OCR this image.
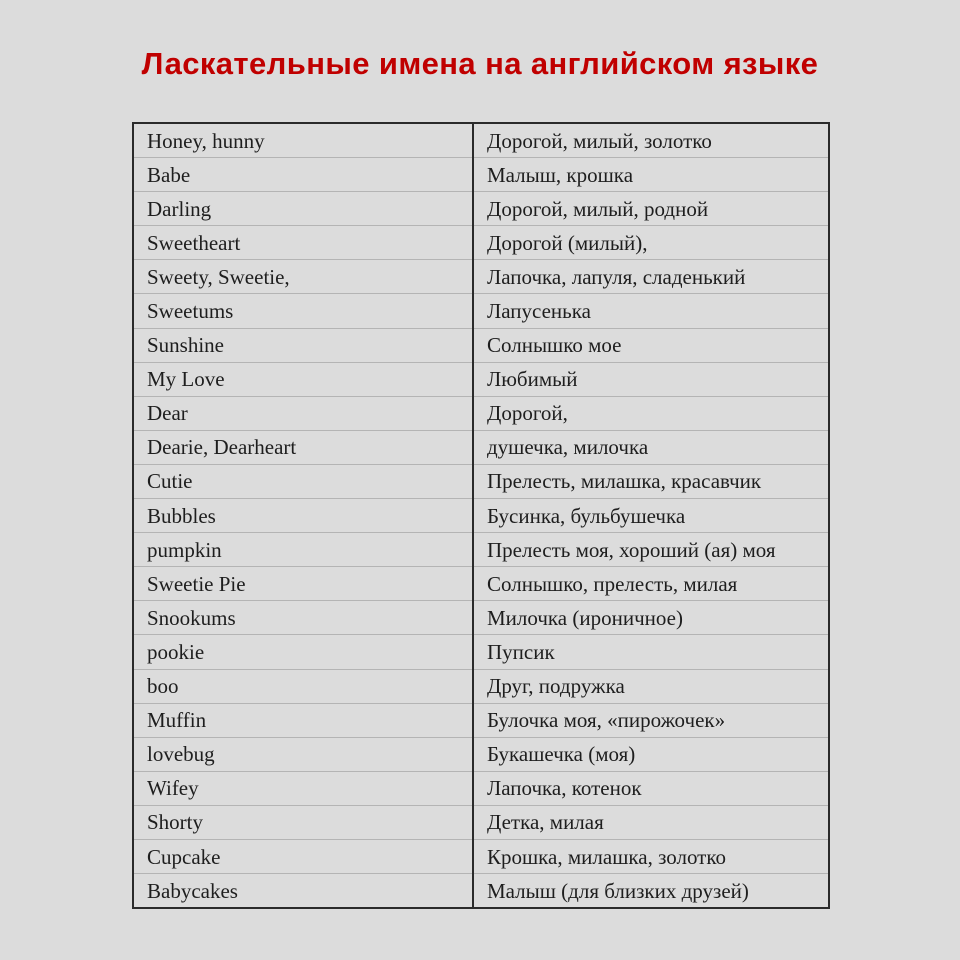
Ласкательные имена на английском языке
Honey, hunny	Дорогой, милый, золотко
Babe	Малыш, крошка
Darling	Дорогой, милый, родной
Sweetheart	Дорогой (милый),
Sweety, Sweetie,	Лапочка, лапуля, сладенький
Sweetums	Лапусенька
Sunshine	Солнышко мое
My Love	Любимый
Dear	Дорогой,
Dearie, Dearheart	душечка, милочка
Cutie	Прелесть, милашка, красавчик
Bubbles	Бусинка, бульбушечка
pumpkin	Прелесть моя, хороший (ая) моя
Sweetie Pie	Солнышко, прелесть, милая
Snookums	Милочка (ироничное)
pookie	Пупсик
boo	Друг, подружка
Muffin	Булочка моя, «пирожочек»
lovebug	Букашечка (моя)
Wifey	Лапочка, котенок
Shorty	Детка, милая
Cupcake	Крошка, милашка, золотко
Babycakes	Малыш (для близких друзей)
